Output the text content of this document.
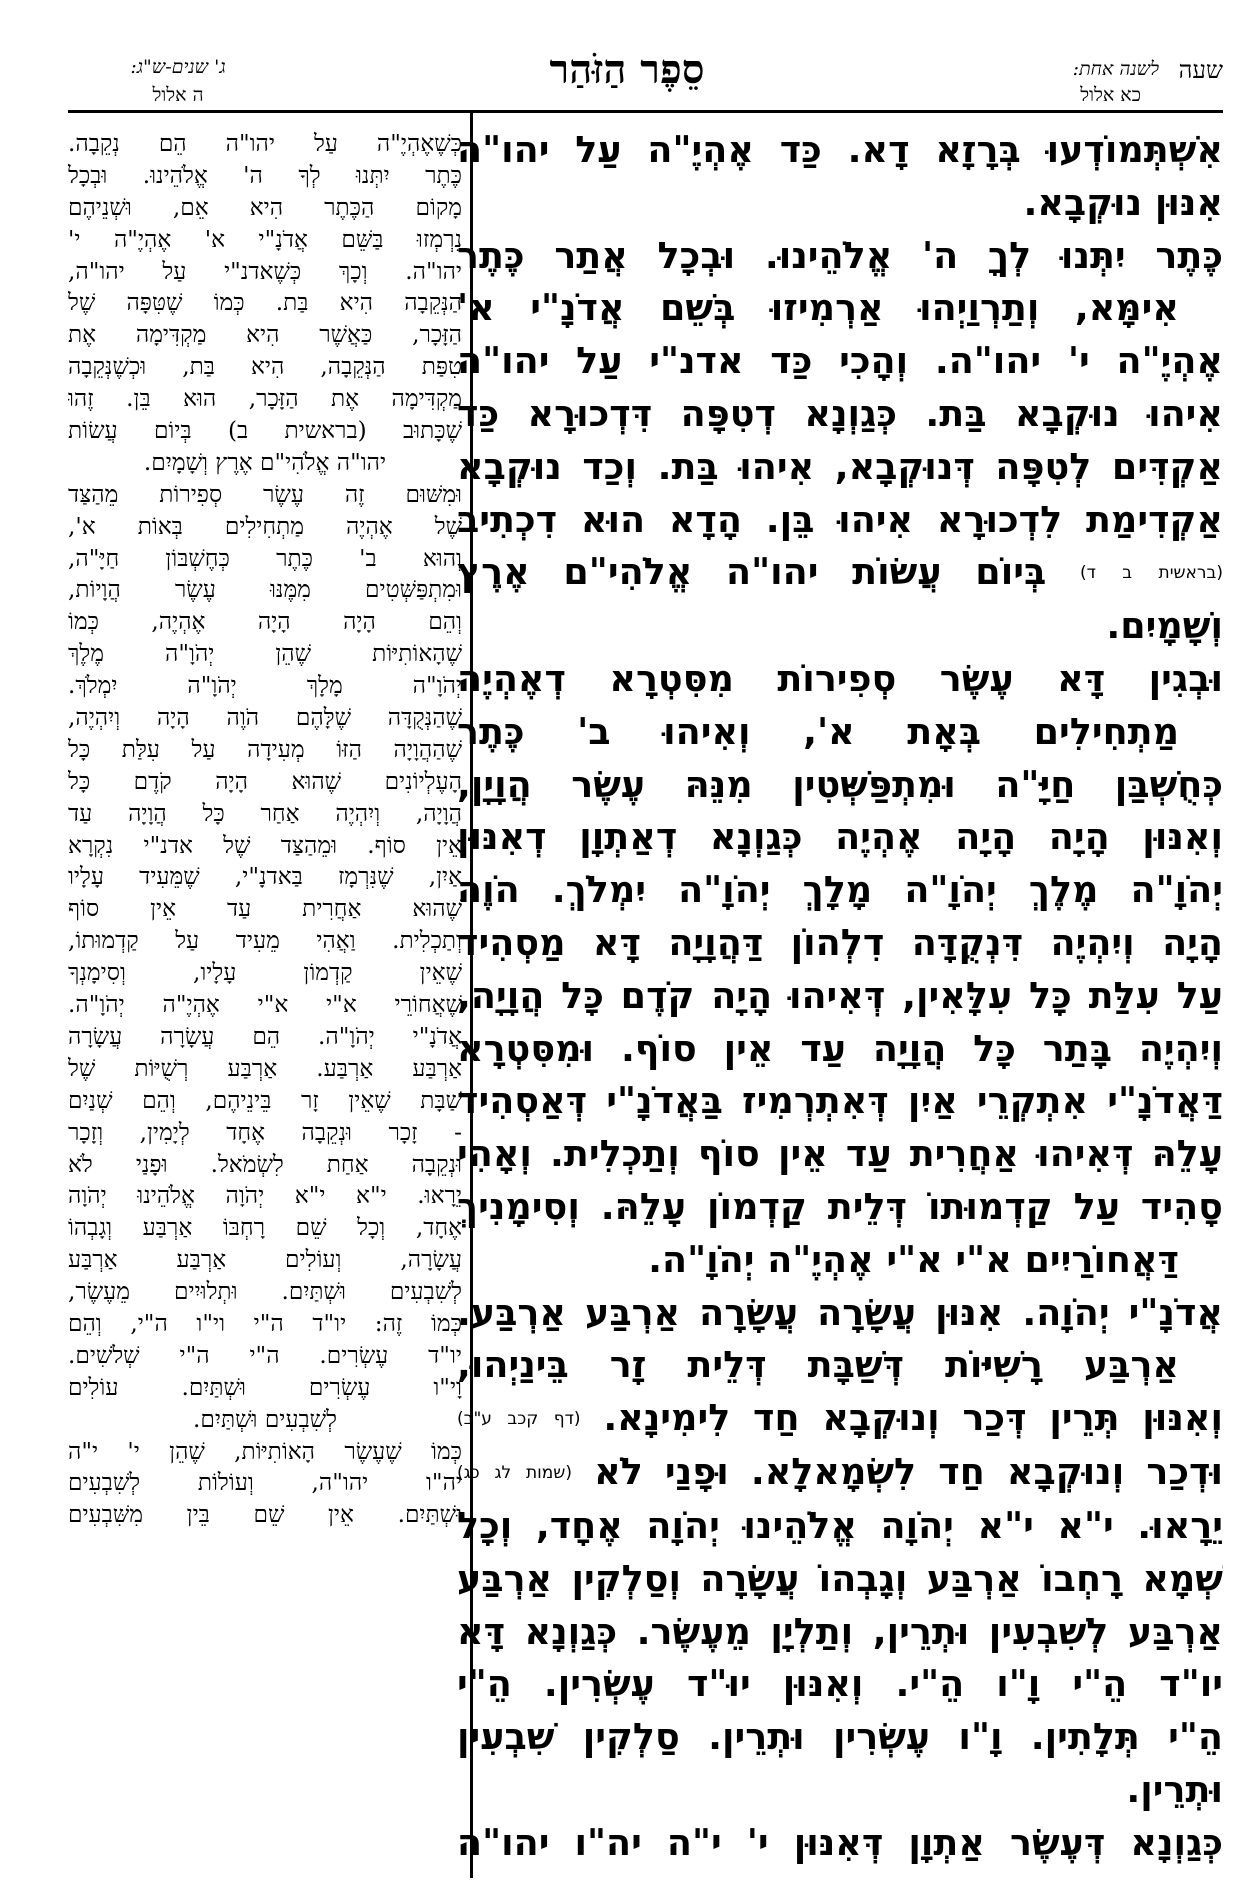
שעה
לשנה אחת:
כא אלול
סֵפֶר הַזֹּהַר
ג' שנים-ש"ג:
ה אלול
אִשְׁתְּמוֹדְעוּ בְּרָזָא דָא. כַּד אֶהְיֶ"ה עַל יהו"ה
אִנּוּן נוּקְבָא.
כֶּתֶר יִתְּנוּ לְךָ ה' אֱלֹהֵינוּ. וּבְכָל אֲתַר כֶּתֶר
אִימָּא, וְתַרְוַיְהוּ אַרְמִיזוּ בְּשֵׁם אֲדֹנָ"י א'
אֶהְיֶ"ה י' יהו"ה. וְהָכִי כַּד אדנ"י עַל יהו"ה
אִיהוּ נוּקְבָא בַּת. כְּגַוְנָא דְטִפָּה דִּדְכוּרָא כַּד
אַקְדִּים לְטִפָּה דְּנוּקְבָא, אִיהוּ בַּת. וְכַד נוּקְבָא
אַקְדִימַת לִדְכוּרָא אִיהוּ בֵּן. הָדָא הוּא דִכְתִיב
(בראשית ב ד) בְּיוֹם עֲשׂוֹת יהו"ה אֱלֹהִי"ם אֶרֶץ
וְשָׁמָיִם.
וּבְגִין דָּא עֶשֶׂר סְפִירוֹת מִסִּטְרָא דְאֶהְיֶה
מַתְחִילִים בְּאָת א', וְאִיהוּ ב' כֶּתֶר
כְּחֻשְׁבַּן חַיָּ"ה וּמִתְפַּשְּׁטִין מִנֵּהּ עֶשֶׂר הֲוָיָן,
וְאִנּוּן הָיָה הָיָה אֶהְיֶה כְּגַוְנָא דְאַתְוָן דְאִנּוּן
יְהֹוָ"ה מֶלֶךְ יְהֹוָ"ה מָלָךְ יְהֹוָ"ה יִמְלֹךְ. הֹוֶה
הָיָה וְיִהְיֶה דִּנְקֻדָּה דִלְהוֹן דַּהֲוָיָה דָּא מַסְהִיד
עַל עִלַּת כָּל עִלָּאִין, דְּאִיהוּ הָיָה קֹדֶם כָּל הֲוָיָה,
וְיִהְיֶה בָּתַר כָּל הֲוָיָה עַד אֵין סוֹף. וּמִסִּטְרָא
דַּאֲדֹנָ"י אִתְקְרֵי אַיִן דְּאִתְרְמִיז בַּאֲדֹנָ"י דְּאַסְהִיד
עָלֵהּ דְּאִיהוּ אַחֲרִית עַד אֵין סוֹף וְתַכְלִית. וְאָהִי
סָהִיד עַל קַדְמוּתוֹ דְּלֵית קַדְמוֹן עָלֵהּ. וְסִימָנִיךְ
דַּאֲחוֹרַיִים א"י א"י אֶהְיֶ"ה יְהֹוָ"ה.
אֲדֹנָ"י יְהֹוָה. אִנּוּן עֲשָׂרָה עֲשָׂרָה אַרְבַּע אַרְבַּע.
אַרְבַּע רָשִׁיּוֹת דְּשַׁבָּת דְּלֵית זָר בֵּינַיְהוּ,
וְאִנּוּן תְּרֵין דְּכַר וְנוּקְבָא חַד לִימִינָא. (דף קכב ע"ב)
וּדְכַר וְנוּקְבָא חַד לִשְׂמָאלָא. וּפָנַי לֹא (שמות לג כג)
יֵרָאוּ. י"א י"א יְהֹוָה אֱלֹהֵינוּ יְהֹוָה אֶחָד, וְכָל
שְׁמָא רָחְבוֹ אַרְבַּע וְגָבְהוֹ עֲשָׂרָה וְסַלְקִין אַרְבַּע
אַרְבַּע לְשִׁבְעִין וּתְרֵין, וְתַלְיָן מֵעֶשֶׂר. כְּגַוְנָא דָּא
יו"ד הֵ"י וָ"ו הֵ"י. וְאִנּוּן יוּ"ד עֶשְׂרִין. הֵ"י
הֵ"י תְּלָתִין. וָ"ו עֶשְׂרִין וּתְרֵין. סַלְקִין שִׁבְעִין
וּתְרֵין.
כְּגַוְנָא דְּעֶשֶׂר אַתְוָן דְּאִנּוּן י' י"ה יה"ו יהו"ה
כְּשֶׁאֶהְיֶ"ה עַל יהו"ה הֵם נְקֵבָה.
כֶּתֶר יִתְּנוּ לְךָ ה' אֱלֹהֵינוּ. וּבְכָל
מָקוֹם הַכֶּתֶר הִיא אֵם, וּשְׁנֵיהֶם
נִרְמְזוּ בַּשֵּׁם אֲדֹנָ"י א' אֶהְיֶ"ה י'
יהו"ה. וְכָךְ כְּשֶׁאדנ"י עַל יהו"ה,
הַנְּקֵבָה הִיא בַּת. כְּמוֹ שֶׁטִּפָּה שֶׁל
הַזָּכָר, כַּאֲשֶׁר הִיא מַקְדִּימָה אֶת
טִפַּת הַנְּקֵבָה, הִיא בַּת, וּכְשֶׁנְּקֵבָה
מַקְדִּימָה אֶת הַזָּכָר, הוּא בֵּן. זֶהוּ
שֶׁכָּתוּב (בראשית ב) בְּיוֹם עֲשׂוֹת
יהו"ה אֱלֹהִי"ם אֶרֶץ וְשָׁמָיִם.
וּמִשּׁוּם זֶה עֶשֶׂר סְפִירוֹת מֵהַצַּד
שֶׁל אֶהְיֶה מַתְחִילִים בְּאוֹת א',
וְהוּא ב' כֶּתֶר כְּחֶשְׁבּוֹן חַיָּ"ה,
וּמִתְפַּשְּׁטִים מִמֶּנּוּ עֶשֶׂר הֲוָיוֹת,
וְהֵם הָיָה הָיָה אֶהְיֶה, כְּמוֹ
שֶׁהָאוֹתִיּוֹת שֶׁהֵן יְהֹוָ"ה מֶלֶךְ
יְהֹוָ"ה מָלָךְ יְהֹוָ"ה יִמְלֹךְ.
שֶׁהַנְּקֻדָּה שֶׁלָּהֶם הֹוֶה הָיָה וְיִהְיֶה,
שֶׁהַהֲוָיָה הַזּוֹ מְעִידָה עַל עִלַּת כָּל
הָעֶלְיוֹנִים שֶׁהוּא הָיָה קֹדֶם כָּל
הֲוָיָה, וְיִהְיֶה אַחַר כָּל הֲוָיָה עַד
אֵין סוֹף. וּמֵהַצַּד שֶׁל אדנ"י נִקְרָא
אַיִן, שֶׁנִּרְמָז בַּאדנָ"י, שֶׁמֵּעִיד עָלָיו
שֶׁהוּא אַחֲרִית עַד אֵין סוֹף
וְתַכְלִית. וַאֲהִי מֵעִיד עַל קַדְמוּתוֹ,
שֶׁאֵין קַדְמוֹן עָלָיו, וְסִימָנְךָ
שֶׁאֲחוֹרֵי א"י א"י אֶהְיֶ"ה יְהֹוָ"ה.
אֲדֹנָ"י יְהֹוָ"ה. הֵם עֲשָׂרָה עֲשָׂרָה
אַרְבַּע אַרְבַּע. אַרְבַּע רְשֻׁיּוֹת שֶׁל
שַׁבָּת שֶׁאֵין זָר בֵּינֵיהֶם, וְהֵם שְׁנַיִם
- זָכָר וּנְקֵבָה אֶחָד לְיָמִין, וְזָכָר
וּנְקֵבָה אַחַת לִשְׂמֹאל. וּפָנַי לֹא
יֵרָאוּ. י"א י"א יְהֹוָה אֱלֹהֵינוּ יְהֹוָה
אֶחָד, וְכָל שֵׁם רָחְבּוֹ אַרְבַּע וְגָבְהוֹ
עֲשָׂרָה, וְעוֹלִים אַרְבַּע אַרְבַּע
לְשִׁבְעִים וּשְׁתַּיִם. וּתְלוּיִים מֵעֶשֶׂר,
כְּמוֹ זֶה: יו"ד ה"י וי"ו ה"י, וְהֵם
יו"ד עֶשְׂרִים. ה"י ה"י שְׁלֹשִׁים.
וָי"ו עֶשְׂרִים וּשְׁתַּיִם. עוֹלִים
לְשִׁבְעִים וּשְׁתַּיִם.
כְּמוֹ שֶׁעֶשֶׂר הָאוֹתִיּוֹת, שֶׁהֵן י' י"ה
יה"ו יהו"ה, וְעוֹלוֹת לְשִׁבְעִים
וּשְׁתַּיִם. אֵין שֵׁם בֵּין מִשִּׁבְעִים
